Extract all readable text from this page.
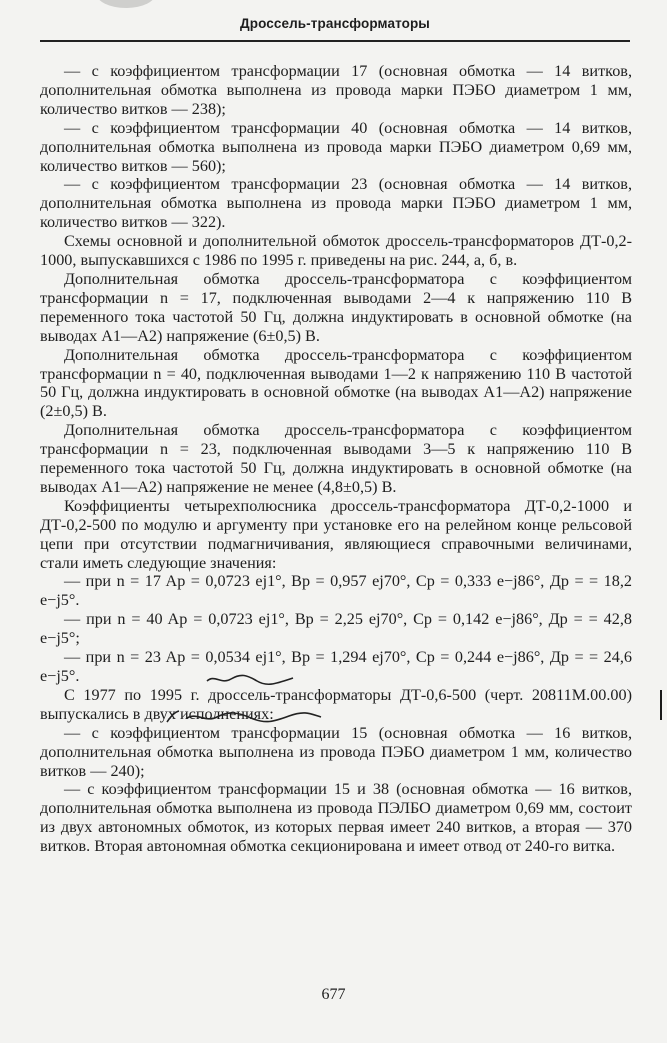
Дроссель-трансформаторы

— с коэффициентом трансформации 17 (основная обмотка — 14 витков, дополнительная обмотка выполнена из провода марки ПЭБО диаметром 1 мм, количество витков — 238);

— с коэффициентом трансформации 40 (основная обмотка — 14 витков, дополнительная обмотка выполнена из провода марки ПЭБО диаметром 0,69 мм, количество витков — 560);

— с коэффициентом трансформации 23 (основная обмотка — 14 витков, дополнительная обмотка выполнена из провода марки ПЭБО диаметром 1 мм, количество витков — 322).

Схемы основной и дополнительной обмоток дроссель-трансформаторов ДТ-0,2-1000, выпускавшихся с 1986 по 1995 г. приведены на рис. 244, а, б, в.

Дополнительная обмотка дроссель-трансформатора с коэффициентом трансформации n = 17, подключенная выводами 2—4 к напряжению 110 В переменного тока частотой 50 Гц, должна индуктировать в основной обмотке (на выводах А1—А2) напряжение (6±0,5) В.

Дополнительная обмотка дроссель-трансформатора с коэффициентом трансформации n = 40, подключенная выводами 1—2 к напряжению 110 В частотой 50 Гц, должна индуктировать в основной обмотке (на выводах А1—А2) напряжение (2±0,5) В.

Дополнительная обмотка дроссель-трансформатора с коэффициентом трансформации n = 23, подключенная выводами 3—5 к напряжению 110 В переменного тока частотой 50 Гц, должна индуктировать в основной обмотке (на выводах А1—А2) напряжение не менее (4,8±0,5) В.

Коэффициенты четырехполюсника дроссель-трансформатора ДТ-0,2-1000 и ДТ-0,2-500 по модулю и аргументу при установке его на релейном конце рельсовой цепи при отсутствии подмагничивания, являющиеся справочными величинами, стали иметь следующие значения:

— при n = 17 Aр = 0,0723 ej1°, Bр = 0,957 ej70°, Cр = 0,333 e−j86°, Дp = = 18,2 e−j5°.

— при n = 40 Aр = 0,0723 ej1°, Bр = 2,25 ej70°, Cр = 0,142 e−j86°, Дp = = 42,8 e−j5°;

— при n = 23 Aр = 0,0534 ej1°, Bр = 1,294 ej70°, Cр = 0,244 e−j86°, Дp = = 24,6 e−j5°.

С 1977 по 1995 г. дроссель-трансформаторы ДТ-0,6-500 (черт. 20811М.00.00) выпускались в двух исполнениях:

— с коэффициентом трансформации 15 (основная обмотка — 16 витков, дополнительная обмотка выполнена из провода ПЭБО диаметром 1 мм, количество витков — 240);

— с коэффициентом трансформации 15 и 38 (основная обмотка — 16 витков, дополнительная обмотка выполнена из провода ПЭЛБО диаметром 0,69 мм, состоит из двух автономных обмоток, из которых первая имеет 240 витков, а вторая — 370 витков. Вторая автономная обмотка секционирована и имеет отвод от 240-го витка.

677
